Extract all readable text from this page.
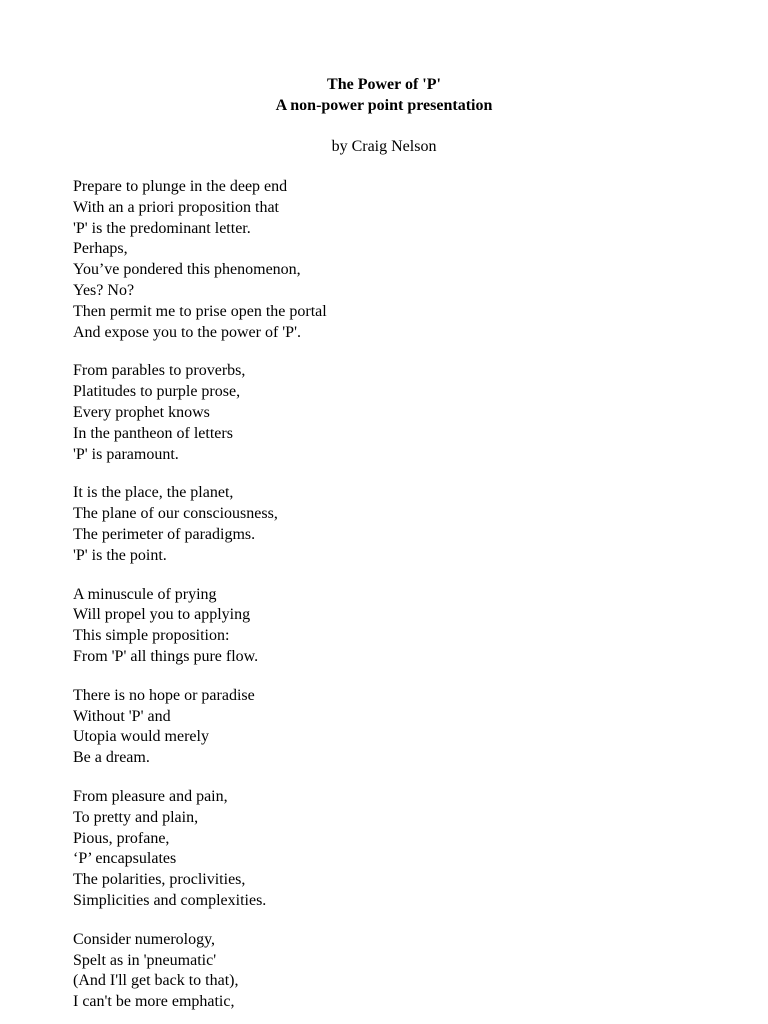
The Power of 'P'
A non-power point presentation
by Craig Nelson
Prepare to plunge in the deep end
With an a priori proposition that
'P' is the predominant letter.
Perhaps,
You’ve pondered this phenomenon,
Yes? No?
Then permit me to prise open the portal
And expose you to the power of 'P'.
From parables to proverbs,
Platitudes to purple prose,
Every prophet knows
In the pantheon of letters
'P' is paramount.
It is the place, the planet,
The plane of our consciousness,
The perimeter of paradigms.
'P' is the point.
A minuscule of prying
Will propel you to applying
This simple proposition:
From 'P' all things pure flow.
There is no hope or paradise
Without 'P' and
Utopia would merely
Be a dream.
From pleasure and pain,
To pretty and plain,
Pious, profane,
‘P’ encapsulates
The polarities, proclivities,
Simplicities and complexities.
Consider numerology,
Spelt as in 'pneumatic'
(And I'll get back to that),
I can't be more emphatic,
